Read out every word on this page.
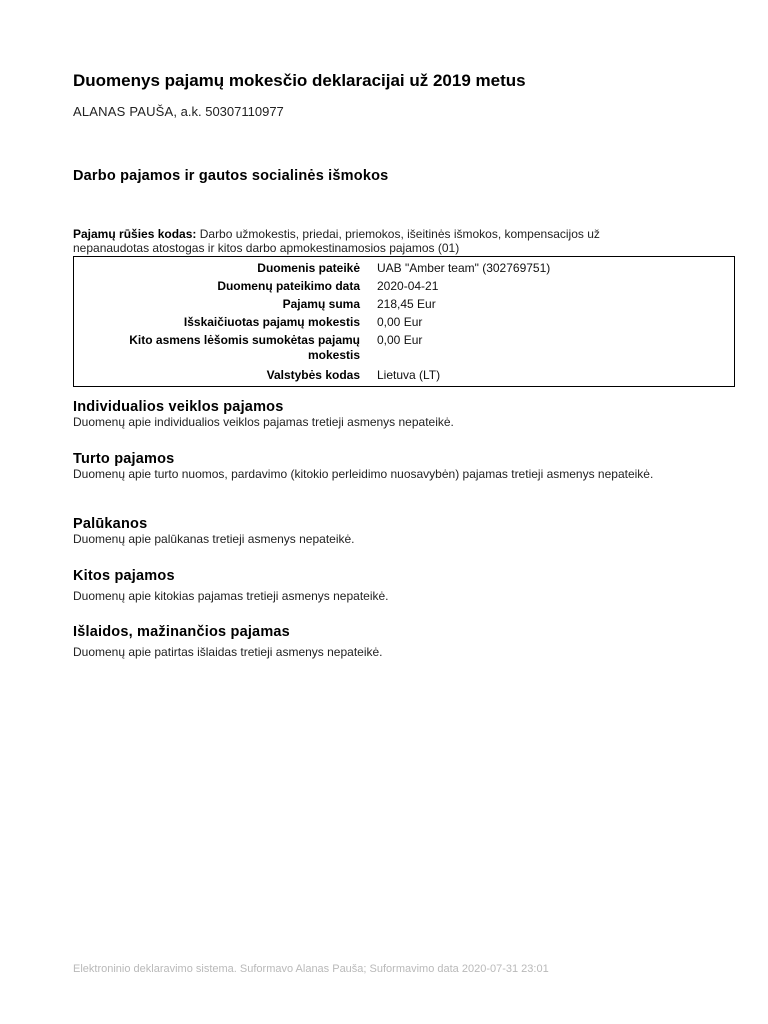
Duomenys pajamų mokesčio deklaracijai už 2019 metus
ALANAS PAUŠA, a.k. 50307110977
Darbo pajamos ir gautos socialinės išmokos
Pajamų rūšies kodas: Darbo užmokestis, priedai, priemokos, išeitinės išmokos, kompensacijos už nepanaudotas atostogas ir kitos darbo apmokestinamosios pajamos (01)
Duomenis pateikė UAB "Amber team" (302769751)
Duomenų pateikimo data 2020-04-21
Pajamų suma 218,45 Eur
Išskaičiuotas pajamų mokestis 0,00 Eur
Kito asmens lėšomis sumokėtas pajamų mokestis
0,00 Eur
Valstybės kodas Lietuva (LT)
Individualios veiklos pajamos
Duomenų apie individualios veiklos pajamas tretieji asmenys nepateikė.
Turto pajamos
Duomenų apie turto nuomos, pardavimo (kitokio perleidimo nuosavybėn) pajamas tretieji asmenys nepateikė.
Palūkanos
Duomenų apie palūkanas tretieji asmenys nepateikė.
Kitos pajamos
Duomenų apie kitokias pajamas tretieji asmenys nepateikė.
Išlaidos, mažinančios pajamas
Duomenų apie patirtas išlaidas tretieji asmenys nepateikė.
Elektroninio deklaravimo sistema. Suformavo Alanas Pauša; Suformavimo data 2020-07-31 23:01
